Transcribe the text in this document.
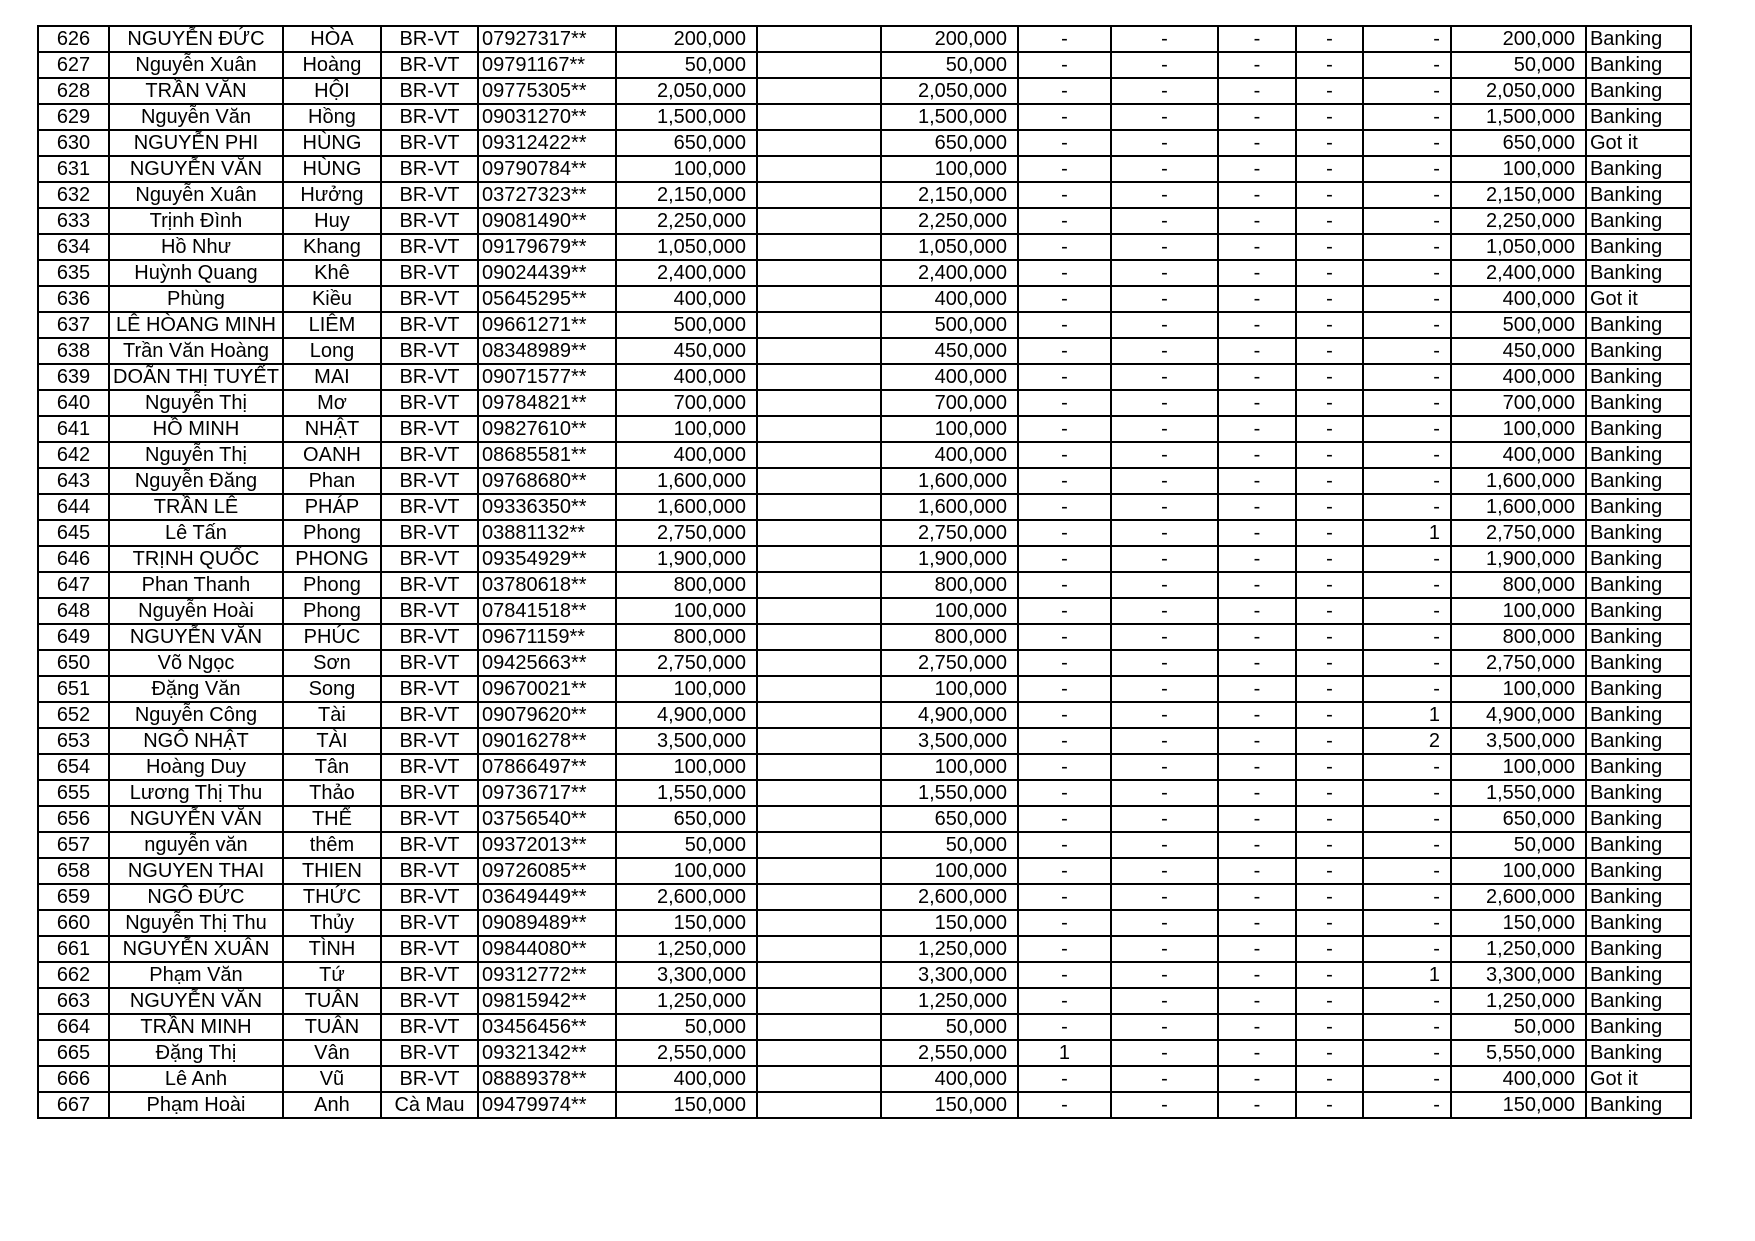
626	NGUYỄN ĐỨC	HÒA	BR-VT	07927317**	200,000		200,000	-	-	-	-	-	200,000	Banking
627	Nguyễn Xuân	Hoàng	BR-VT	09791167**	50,000		50,000	-	-	-	-	-	50,000	Banking
628	TRẦN VĂN	HỘI	BR-VT	09775305**	2,050,000		2,050,000	-	-	-	-	-	2,050,000	Banking
629	Nguyễn Văn	Hồng	BR-VT	09031270**	1,500,000		1,500,000	-	-	-	-	-	1,500,000	Banking
630	NGUYỄN PHI	HÙNG	BR-VT	09312422**	650,000		650,000	-	-	-	-	-	650,000	Got it
631	NGUYỄN VĂN	HÙNG	BR-VT	09790784**	100,000		100,000	-	-	-	-	-	100,000	Banking
632	Nguyễn Xuân	Hưởng	BR-VT	03727323**	2,150,000		2,150,000	-	-	-	-	-	2,150,000	Banking
633	Trịnh Đình	Huy	BR-VT	09081490**	2,250,000		2,250,000	-	-	-	-	-	2,250,000	Banking
634	Hồ Như	Khang	BR-VT	09179679**	1,050,000		1,050,000	-	-	-	-	-	1,050,000	Banking
635	Huỳnh Quang	Khê	BR-VT	09024439**	2,400,000		2,400,000	-	-	-	-	-	2,400,000	Banking
636	Phùng	Kiều	BR-VT	05645295**	400,000		400,000	-	-	-	-	-	400,000	Got it
637	LÊ HÒANG MINH	LIÊM	BR-VT	09661271**	500,000		500,000	-	-	-	-	-	500,000	Banking
638	Trần Văn Hoàng	Long	BR-VT	08348989**	450,000		450,000	-	-	-	-	-	450,000	Banking
639	DOÃN THỊ TUYẾT	MAI	BR-VT	09071577**	400,000		400,000	-	-	-	-	-	400,000	Banking
640	Nguyễn Thị	Mơ	BR-VT	09784821**	700,000		700,000	-	-	-	-	-	700,000	Banking
641	HỒ MINH	NHẬT	BR-VT	09827610**	100,000		100,000	-	-	-	-	-	100,000	Banking
642	Nguyễn Thị	OANH	BR-VT	08685581**	400,000		400,000	-	-	-	-	-	400,000	Banking
643	Nguyễn Đăng	Phan	BR-VT	09768680**	1,600,000		1,600,000	-	-	-	-	-	1,600,000	Banking
644	TRẦN LÊ	PHÁP	BR-VT	09336350**	1,600,000		1,600,000	-	-	-	-	-	1,600,000	Banking
645	Lê Tấn	Phong	BR-VT	03881132**	2,750,000		2,750,000	-	-	-	-	1	2,750,000	Banking
646	TRỊNH QUỐC	PHONG	BR-VT	09354929**	1,900,000		1,900,000	-	-	-	-	-	1,900,000	Banking
647	Phan Thanh	Phong	BR-VT	03780618**	800,000		800,000	-	-	-	-	-	800,000	Banking
648	Nguyễn Hoài	Phong	BR-VT	07841518**	100,000		100,000	-	-	-	-	-	100,000	Banking
649	NGUYỄN VĂN	PHÚC	BR-VT	09671159**	800,000		800,000	-	-	-	-	-	800,000	Banking
650	Võ Ngọc	Sơn	BR-VT	09425663**	2,750,000		2,750,000	-	-	-	-	-	2,750,000	Banking
651	Đặng Văn	Song	BR-VT	09670021**	100,000		100,000	-	-	-	-	-	100,000	Banking
652	Nguyễn Công	Tài	BR-VT	09079620**	4,900,000		4,900,000	-	-	-	-	1	4,900,000	Banking
653	NGÔ NHẬT	TÀI	BR-VT	09016278**	3,500,000		3,500,000	-	-	-	-	2	3,500,000	Banking
654	Hoàng Duy	Tân	BR-VT	07866497**	100,000		100,000	-	-	-	-	-	100,000	Banking
655	Lương Thị Thu	Thảo	BR-VT	09736717**	1,550,000		1,550,000	-	-	-	-	-	1,550,000	Banking
656	NGUYỄN VĂN	THỂ	BR-VT	03756540**	650,000		650,000	-	-	-	-	-	650,000	Banking
657	nguyễn văn	thêm	BR-VT	09372013**	50,000		50,000	-	-	-	-	-	50,000	Banking
658	NGUYEN THAI	THIEN	BR-VT	09726085**	100,000		100,000	-	-	-	-	-	100,000	Banking
659	NGÔ ĐỨC	THỨC	BR-VT	03649449**	2,600,000		2,600,000	-	-	-	-	-	2,600,000	Banking
660	Nguyễn Thị Thu	Thủy	BR-VT	09089489**	150,000		150,000	-	-	-	-	-	150,000	Banking
661	NGUYỄN XUÂN	TÌNH	BR-VT	09844080**	1,250,000		1,250,000	-	-	-	-	-	1,250,000	Banking
662	Phạm Văn	Tứ	BR-VT	09312772**	3,300,000		3,300,000	-	-	-	-	1	3,300,000	Banking
663	NGUYỄN VĂN	TUÂN	BR-VT	09815942**	1,250,000		1,250,000	-	-	-	-	-	1,250,000	Banking
664	TRẦN MINH	TUÂN	BR-VT	03456456**	50,000		50,000	-	-	-	-	-	50,000	Banking
665	Đặng Thị	Vân	BR-VT	09321342**	2,550,000		2,550,000	1	-	-	-	-	5,550,000	Banking
666	Lê Anh	Vũ	BR-VT	08889378**	400,000		400,000	-	-	-	-	-	400,000	Got it
667	Phạm Hoài	Anh	Cà Mau	09479974**	150,000		150,000	-	-	-	-	-	150,000	Banking
